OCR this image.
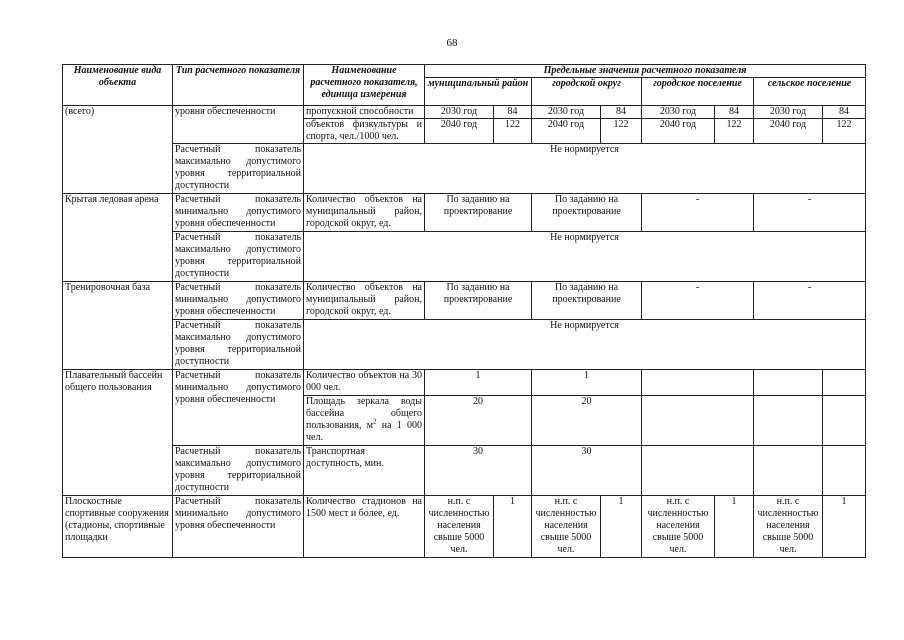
68
Наименование вида объекта	Тип расчетного показателя	Наименование расчетного показателя, единица измерения	Предельные значения расчетного показателя							
			муниципальный район		городской округ		городское поселение		сельское поселение	
(всего)	уровня обеспеченности	пропускной способности	2030 год	84	2030 год	84	2030 год	84	2030 год	84
		объектов физкультуры и спорта, чел./1000 чел.	2040 год	122	2040 год	122	2040 год	122	2040 год	122
	Расчетный показатель максимально допустимого уровня территориальной доступности	Не нормируется								
Крытая ледовая арена	Расчетный показатель минимально допустимого уровня обеспеченности	Количество объектов на муниципальный район, городской округ, ед.	По заданию на проектирование		По заданию на проектирование		-		-	
	Расчетный показатель максимально допустимого уровня территориальной доступности	Не нормируется								
Тренировочная база	Расчетный показатель минимально допустимого уровня обеспеченности	Количество объектов на муниципальный район, городской округ, ед.	По заданию на проектирование		По заданию на проектирование		-		-	
	Расчетный показатель максимально допустимого уровня территориальной доступности	Не нормируется								
Плавательный бассейн общего пользования	Расчетный показатель минимально допустимого уровня обеспеченности	Количество объектов на 30 000 чел.	1		1					
		Площадь зеркала воды бассейна общего пользования, $м^2$ на 1 000 чел.	20		20					
	Расчетный показатель максимально допустимого уровня территориальной доступности	Транспортная доступность, мин.	30		30					
Плоскостные спортивные сооружения (стадионы, спортивные площадки	Расчетный показатель минимально допустимого уровня обеспеченности	Количество стадионов на 1500 мест и более, ед.	н.п. с численностью населения свыше 5000 чел.	1	н.п. с численностью населения свыше 5000 чел.	1	н.п. с численностью населения свыше 5000 чел.	1	н.п. с численностью населения свыше 5000 чел.	1
